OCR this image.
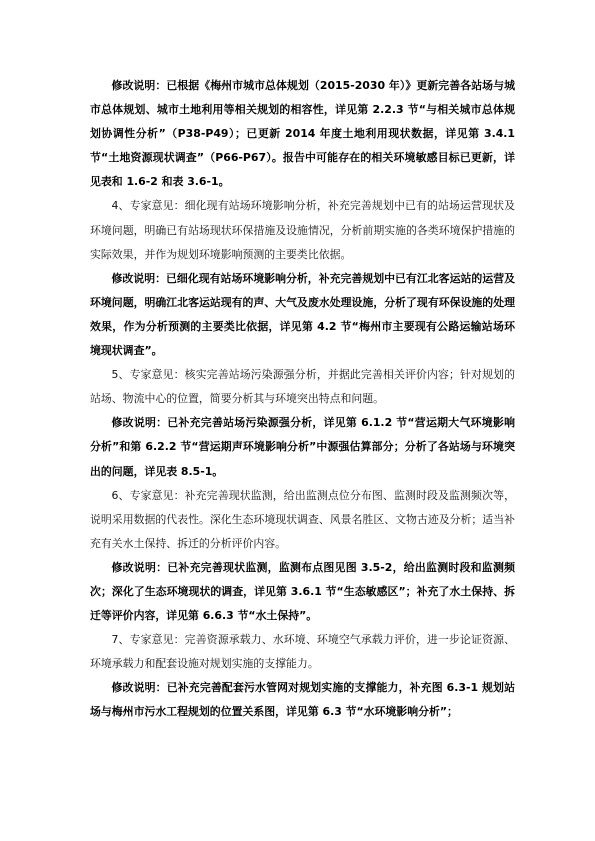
修改说明：已根据《梅州市城市总体规划（2015-2030 年）》更新完善各站场与城市总体规划、城市土地利用等相关规划的相容性，详见第 2.2.3 节“与相关城市总体规划协调性分析”（P38-P49）；已更新 2014 年度土地利用现状数据，详见第 3.4.1 节“土地资源现状调查”（P66-P67）。报告中可能存在的相关环境敏感目标已更新，详见表和 1.6-2 和表 3.6-1。

4、专家意见：细化现有站场环境影响分析，补充完善规划中已有的站场运营现状及环境问题，明确已有站场现状环保措施及设施情况，分析前期实施的各类环境保护措施的实际效果，并作为规划环境影响预测的主要类比依据。

修改说明：已细化现有站场环境影响分析，补充完善规划中已有江北客运站的运营及环境问题，明确江北客运站现有的声、大气及废水处理设施，分析了现有环保设施的处理效果，作为分析预测的主要类比依据，详见第 4.2 节“梅州市主要现有公路运输站场环境现状调查”。

5、专家意见：核实完善站场污染源强分析，并据此完善相关评价内容；针对规划的站场、物流中心的位置，简要分析其与环境突出特点和问题。

修改说明：已补充完善站场污染源强分析，详见第 6.1.2 节“营运期大气环境影响分析”和第 6.2.2 节“营运期声环境影响分析”中源强估算部分；分析了各站场与环境突出的问题，详见表 8.5-1。

6、专家意见：补充完善现状监测，给出监测点位分布图、监测时段及监测频次等，说明采用数据的代表性。深化生态环境现状调查、风景名胜区、文物古迹及分析；适当补充有关水土保持、拆迁的分析评价内容。

修改说明：已补充完善现状监测，监测布点图见图 3.5-2，给出监测时段和监测频次；深化了生态环境现状的调查，详见第 3.6.1 节“生态敏感区”；补充了水土保持、拆迁等评价内容，详见第 6.6.3 节“水土保持”。

7、专家意见：完善资源承载力、水环境、环境空气承载力评价，进一步论证资源、环境承载力和配套设施对规划实施的支撑能力。

修改说明：已补充完善配套污水管网对规划实施的支撑能力，补充图 6.3-1 规划站场与梅州市污水工程规划的位置关系图，详见第 6.3 节“水环境影响分析”；
